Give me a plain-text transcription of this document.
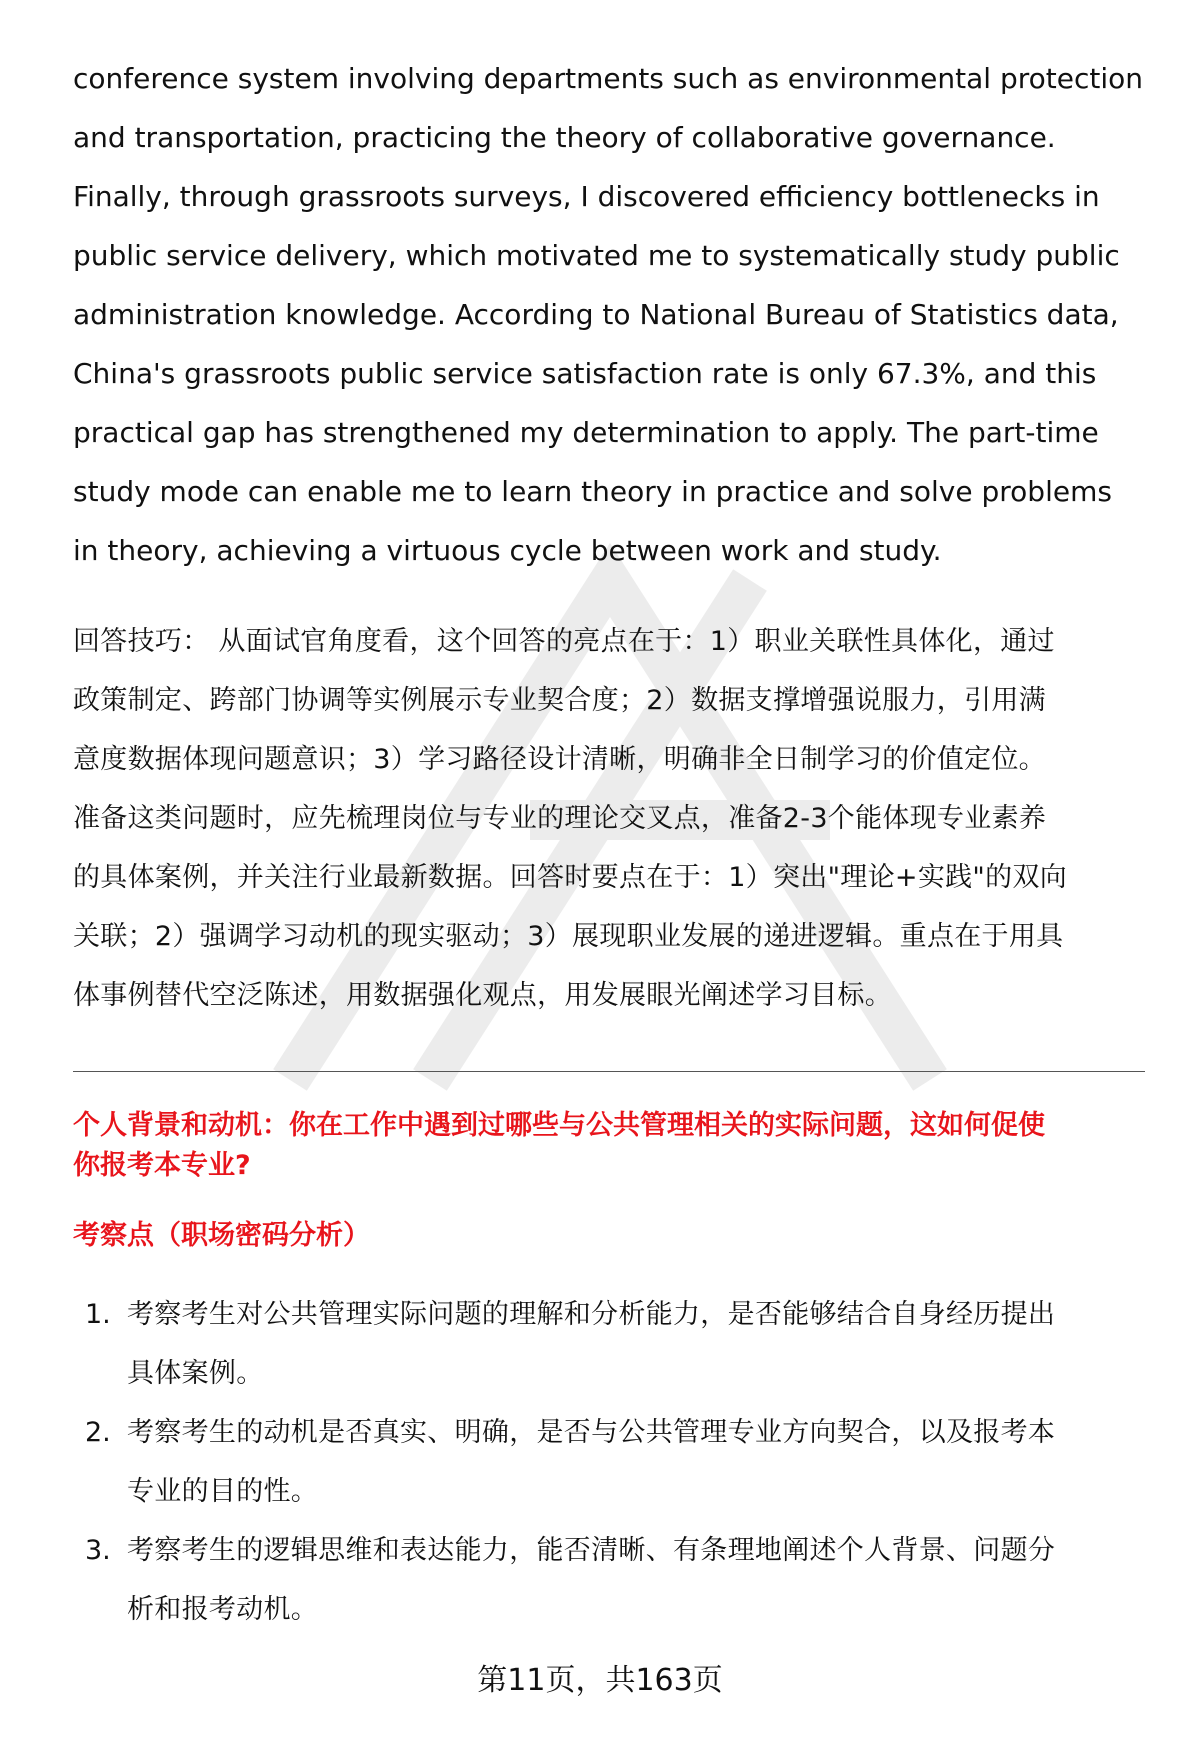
conference system involving departments such as environmental protection
and transportation, practicing the theory of collaborative governance.
Finally, through grassroots surveys, I discovered efficiency bottlenecks in
public service delivery, which motivated me to systematically study public
administration knowledge. According to National Bureau of Statistics data,
China's grassroots public service satisfaction rate is only 67.3%, and this
practical gap has strengthened my determination to apply. The part-time
study mode can enable me to learn theory in practice and solve problems
in theory, achieving a virtuous cycle between work and study.
回答技巧： 从面试官角度看，这个回答的亮点在于：1）职业关联性具体化，通过
政策制定、跨部门协调等实例展示专业契合度；2）数据支撑增强说服力，引用满
意度数据体现问题意识；3）学习路径设计清晰，明确非全日制学习的价值定位。
准备这类问题时，应先梳理岗位与专业的理论交叉点，准备2-3个能体现专业素养
的具体案例，并关注行业最新数据。回答时要点在于：1）突出"理论+实践"的双向
关联；2）强调学习动机的现实驱动；3）展现职业发展的递进逻辑。重点在于用具
体事例替代空泛陈述，用数据强化观点，用发展眼光阐述学习目标。
个人背景和动机：你在工作中遇到过哪些与公共管理相关的实际问题，这如何促使
你报考本专业?
考察点（职场密码分析）
1. 考察考生对公共管理实际问题的理解和分析能力，是否能够结合自身经历提出
具体案例。
2. 考察考生的动机是否真实、明确，是否与公共管理专业方向契合，以及报考本
专业的目的性。
3. 考察考生的逻辑思维和表达能力，能否清晰、有条理地阐述个人背景、问题分
析和报考动机。
第11页，共163页
